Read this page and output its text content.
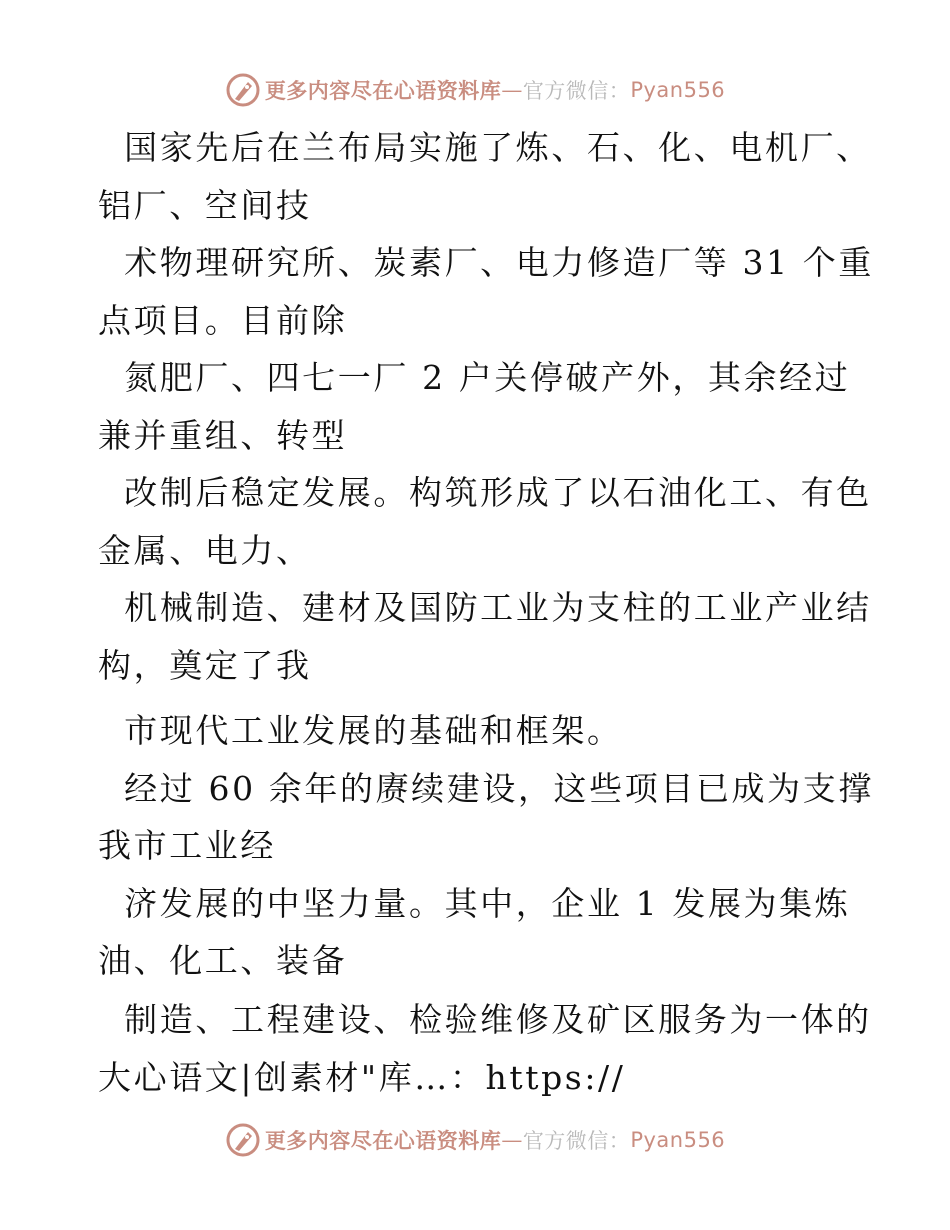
更多内容尽在心语资料库 — 官方微信： Pyan556

国家先后在兰布局实施了炼、石、化、电机厂、

铝厂、空间技

术物理研究所、炭素厂、电力修造厂等 31 个重

点项目。目前除

氮肥厂、四七一厂 2 户关停破产外，其余经过

兼并重组、转型

改制后稳定发展。构筑形成了以石油化工、有色

金属、电力、

机械制造、建材及国防工业为支柱的工业产业结

构，奠定了我

市现代工业发展的基础和框架。

经过 60 余年的赓续建设，这些项目已成为支撑

我市工业经

济发展的中坚力量。其中，企业 1 发展为集炼

油、化工、装备

制造、工程建设、检验维修及矿区服务为一体的

大心语文|创素材"库…：https://

更多内容尽在心语资料库 — 官方微信： Pyan556
